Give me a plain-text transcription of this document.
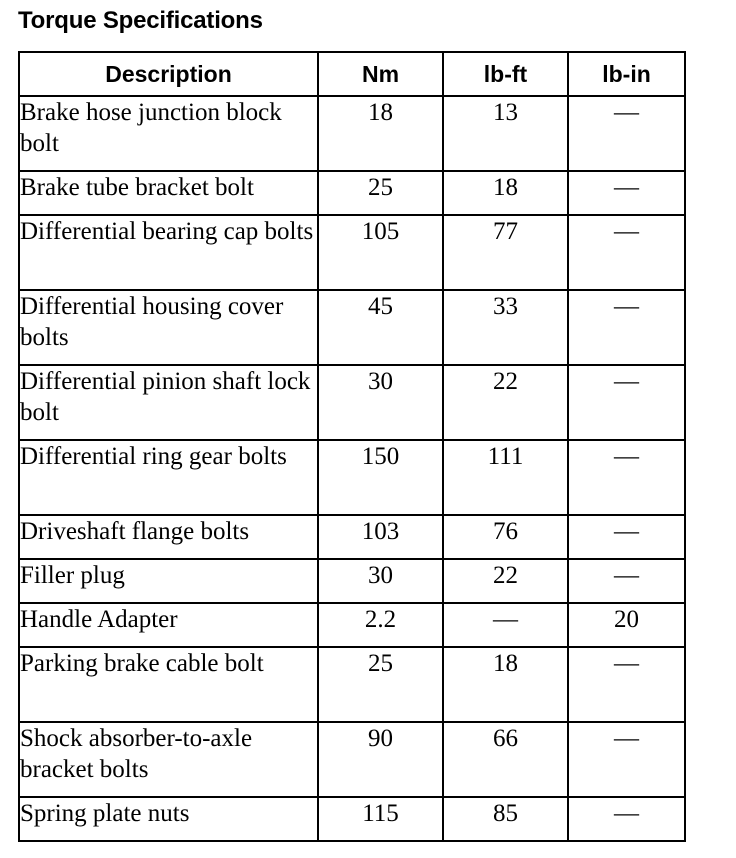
Torque Specifications
Description	Nm	lb-ft	lb-in
Brake hose junction block bolt	18	13	—
Brake tube bracket bolt	25	18	—
Differential bearing cap bolts	105	77	—
Differential housing cover bolts	45	33	—
Differential pinion shaft lock bolt	30	22	—
Differential ring gear bolts	150	111	—
Driveshaft flange bolts	103	76	—
Filler plug	30	22	—
Handle Adapter	2.2	—	20
Parking brake cable bolt	25	18	—
Shock absorber-to-axle bracket bolts	90	66	—
Spring plate nuts	115	85	—
